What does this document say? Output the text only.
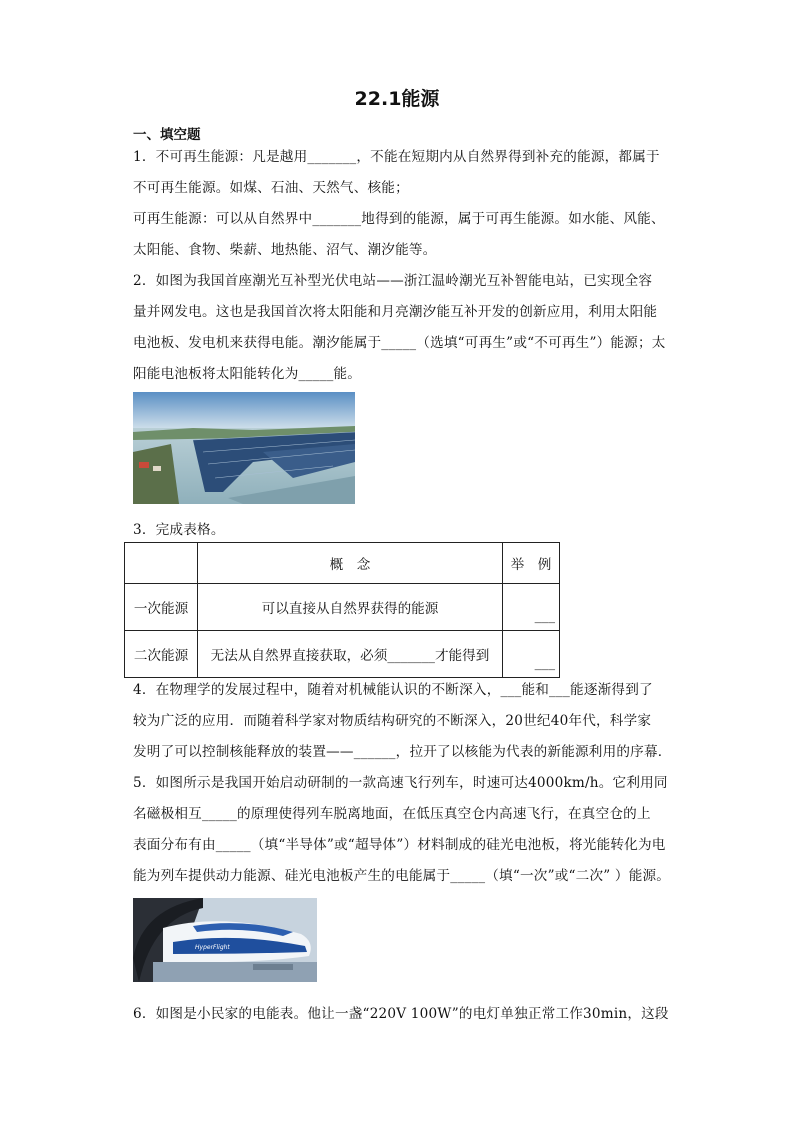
22.1能源
一、填空题
1．不可再生能源：凡是越用_______，不能在短期内从自然界得到补充的能源，都属于
不可再生能源。如煤、石油、天然气、核能；
可再生能源：可以从自然界中_______地得到的能源，属于可再生能源。如水能、风能、
太阳能、食物、柴薪、地热能、沼气、潮汐能等。
2．如图为我国首座潮光互补型光伏电站——浙江温岭潮光互补智能电站，已实现全容
量并网发电。这也是我国首次将太阳能和月亮潮汐能互补开发的创新应用，利用太阳能
电池板、发电机来获得电能。潮汐能属于_____（选填“可再生”或“不可再生”）能源；太
阳能电池板将太阳能转化为_____能。
3．完成表格。
	概　念	举　例
一次能源	可以直接从自然界获得的能源	___
二次能源	无法从自然界直接获取，必须_______才能得到	___
4．在物理学的发展过程中，随着对机械能认识的不断深入，___能和___能逐渐得到了
较为广泛的应用．而随着科学家对物质结构研究的不断深入，20世纪40年代，科学家
发明了可以控制核能释放的装置——______，拉开了以核能为代表的新能源利用的序幕．
5．如图所示是我国开始启动研制的一款高速飞行列车，时速可达4000km/h。它利用同
名磁极相互_____的原理使得列车脱离地面，在低压真空仓内高速飞行，在真空仓的上
表面分布有由_____（填“半导体”或“超导体”）材料制成的硅光电池板，将光能转化为电
能为列车提供动力能源、硅光电池板产生的电能属于_____（填“一次”或“二次” ）能源。
HyperFlight
6．如图是小民家的电能表。他让一盏“220V 100W”的电灯单独正常工作30min，这段
